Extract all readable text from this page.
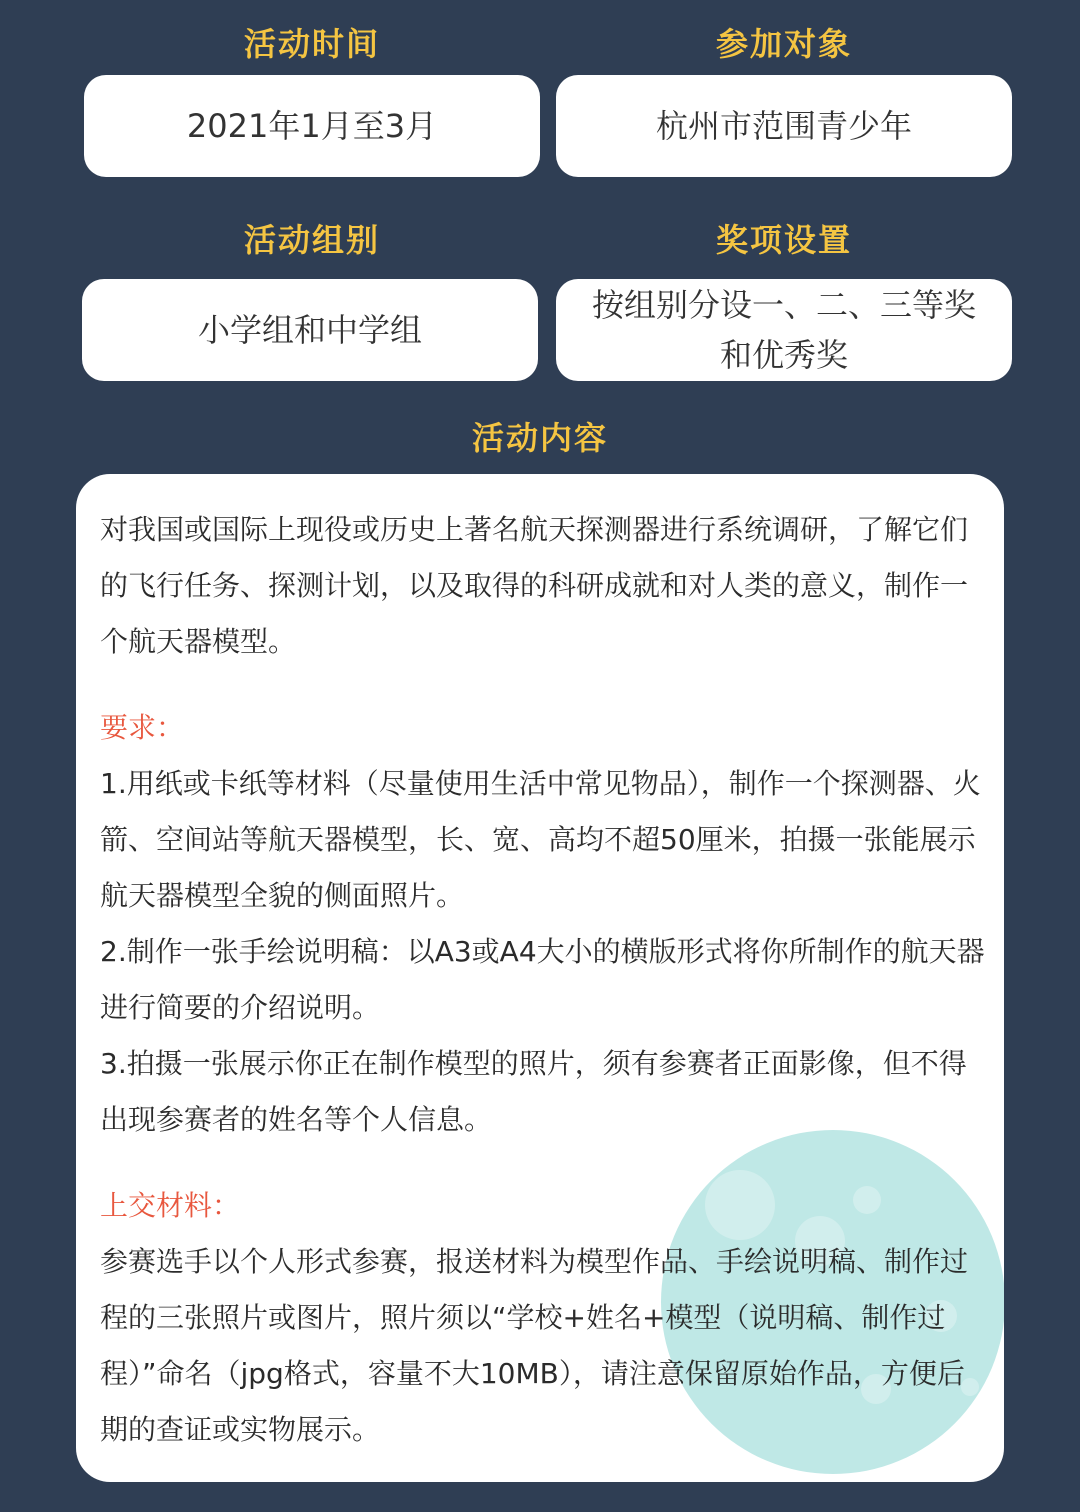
活动时间
2021年1月至3月
参加对象
杭州市范围青少年
活动组别
小学组和中学组
奖项设置
按组别分设一、二、三等奖
和优秀奖
活动内容

对我国或国际上现役或历史上著名航天探测器进行系统调研，了解它们的飞行任务、探测计划，以及取得的科研成就和对人类的意义，制作一个航天器模型。

要求：

1.用纸或卡纸等材料（尽量使用生活中常见物品），制作一个探测器、火箭、空间站等航天器模型，长、宽、高均不超50厘米，拍摄一张能展示航天器模型全貌的侧面照片。

2.制作一张手绘说明稿：以A3或A4大小的横版形式将你所制作的航天器进行简要的介绍说明。

3.拍摄一张展示你正在制作模型的照片，须有参赛者正面影像，但不得出现参赛者的姓名等个人信息。

上交材料：

参赛选手以个人形式参赛，报送材料为模型作品、手绘说明稿、制作过程的三张照片或图片，照片须以“学校+姓名+模型（说明稿、制作过程）”命名（jpg格式，容量不大10MB），请注意保留原始作品，方便后期的查证或实物展示。
